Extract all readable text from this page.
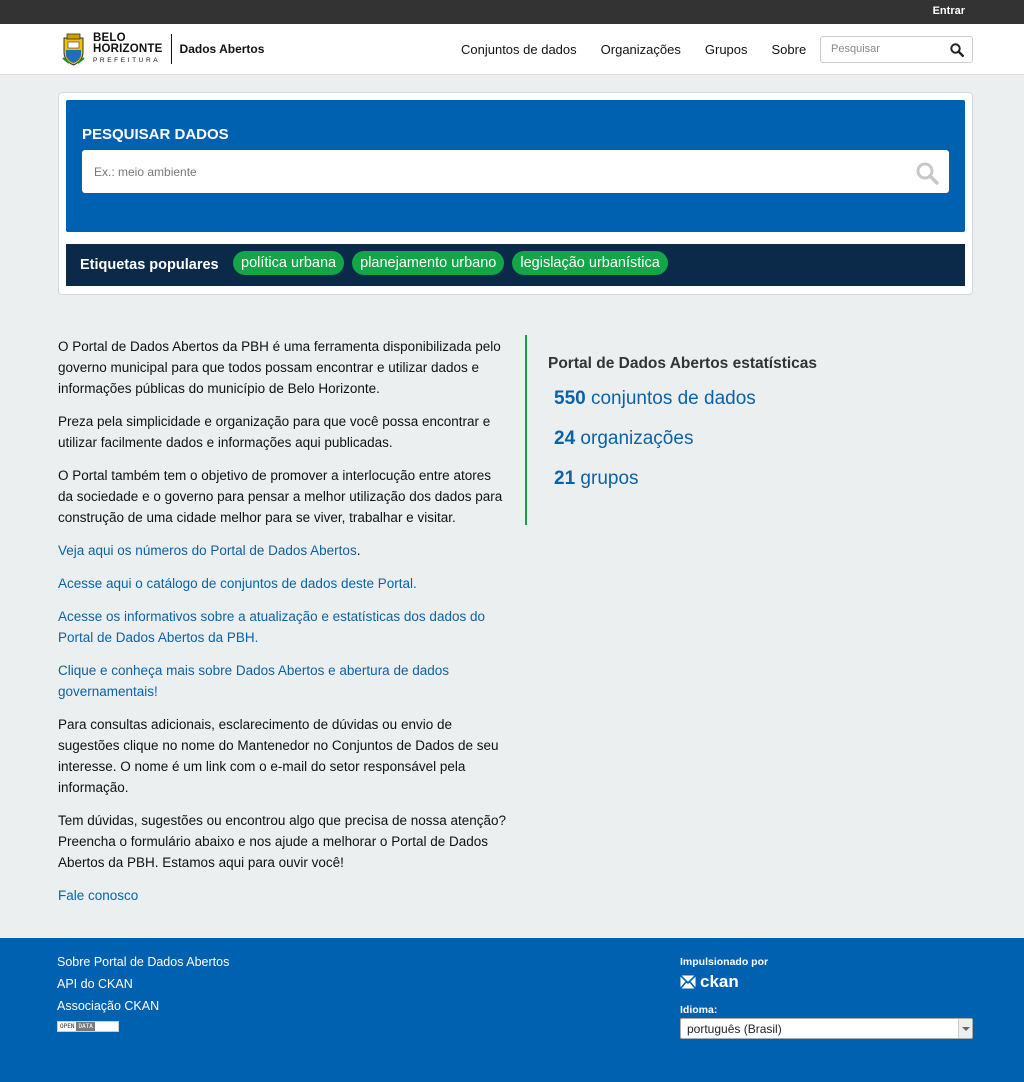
Entrar
BELO
HORIZONTE
PREFEITURA
Dados Abertos	Conjuntos de dados Organizações Grupos Sobre Pesquisar
PESQUISAR DADOS
Ex.: meio ambiente
Etiquetas populares	política urbana	planejamento urbano	legislação urbanística

O Portal de Dados Abertos da PBH é uma ferramenta disponibilizada pelo governo municipal para que todos possam encontrar e utilizar dados e informações públicas do município de Belo Horizonte.

Preza pela simplicidade e organização para que você possa encontrar e utilizar facilmente dados e informações aqui publicadas.

O Portal também tem o objetivo de promover a interlocução entre atores da sociedade e o governo para pensar a melhor utilização dos dados para construção de uma cidade melhor para se viver, trabalhar e visitar.

Veja aqui os números do Portal de Dados Abertos.

Acesse aqui o catálogo de conjuntos de dados deste Portal.

Acesse os informativos sobre a atualização e estatísticas dos dados do Portal de Dados Abertos da PBH.

Clique e conheça mais sobre Dados Abertos e abertura de dados governamentais!

Para consultas adicionais, esclarecimento de dúvidas ou envio de sugestões clique no nome do Mantenedor no Conjuntos de Dados de seu interesse. O nome é um link com o e-mail do setor responsável pela informação.

Tem dúvidas, sugestões ou encontrou algo que precisa de nossa atenção? Preencha o formulário abaixo e nos ajude a melhorar o Portal de Dados Abertos da PBH. Estamos aqui para ouvir você!

Fale conosco

Portal de Dados Abertos estatísticas
550 conjuntos de dados
24 organizações
21 grupos
Sobre Portal de Dados Abertos
API do CKAN
Associação CKAN
OPEN DATA
Impulsionado por
ckan
Idioma:
português (Brasil)
